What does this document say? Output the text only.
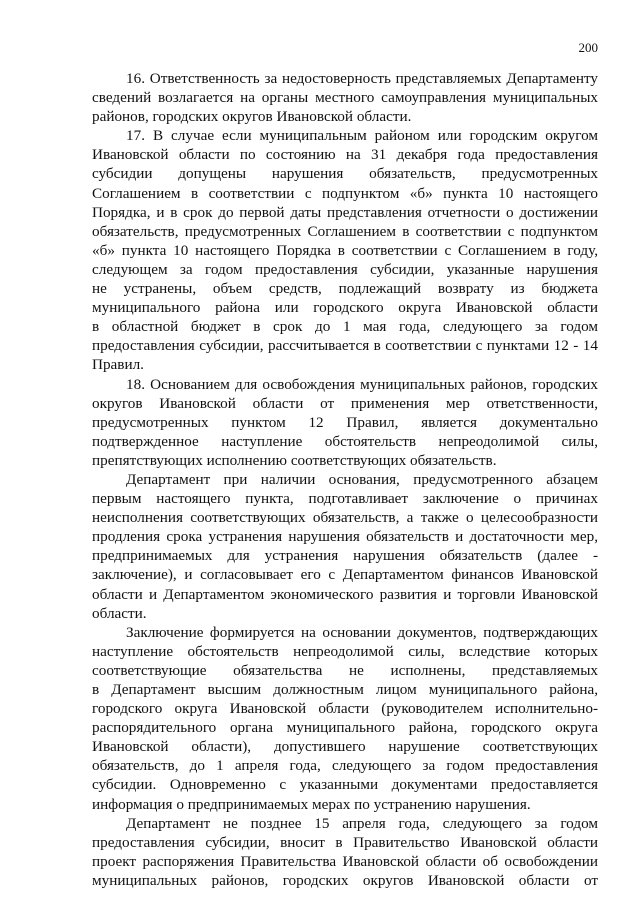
200
16. Ответственность за недостоверность представляемых Департаменту
сведений возлагается на органы местного самоуправления муниципальных
районов, городских округов Ивановской области.
17. В случае если муниципальным районом или городским округом
Ивановской области по состоянию на 31 декабря года предоставления
субсидии допущены нарушения обязательств, предусмотренных
Соглашением в соответствии с подпунктом «б» пункта 10 настоящего
Порядка, и в срок до первой даты представления отчетности о достижении
обязательств, предусмотренных Соглашением в соответствии с подпунктом
«б» пункта 10 настоящего Порядка в соответствии с Соглашением в году,
следующем за годом предоставления субсидии, указанные нарушения
не устранены, объем средств, подлежащий возврату из бюджета
муниципального района или городского округа Ивановской области
в областной бюджет в срок до 1 мая года, следующего за годом
предоставления субсидии, рассчитывается в соответствии с пунктами 12 - 14
Правил.
18. Основанием для освобождения муниципальных районов, городских
округов Ивановской области от применения мер ответственности,
предусмотренных пунктом 12 Правил, является документально
подтвержденное наступление обстоятельств непреодолимой силы,
препятствующих исполнению соответствующих обязательств.
Департамент при наличии основания, предусмотренного абзацем
первым настоящего пункта, подготавливает заключение о причинах
неисполнения соответствующих обязательств, а также о целесообразности
продления срока устранения нарушения обязательств и достаточности мер,
предпринимаемых для устранения нарушения обязательств (далее -
заключение), и согласовывает его с Департаментом финансов Ивановской
области и Департаментом экономического развития и торговли Ивановской
области.
Заключение формируется на основании документов, подтверждающих
наступление обстоятельств непреодолимой силы, вследствие которых
соответствующие обязательства не исполнены, представляемых
в Департамент высшим должностным лицом муниципального района,
городского округа Ивановской области (руководителем исполнительно-
распорядительного органа муниципального района, городского округа
Ивановской области), допустившего нарушение соответствующих
обязательств, до 1 апреля года, следующего за годом предоставления
субсидии. Одновременно с указанными документами предоставляется
информация о предпринимаемых мерах по устранению нарушения.
Департамент не позднее 15 апреля года, следующего за годом
предоставления субсидии, вносит в Правительство Ивановской области
проект распоряжения Правительства Ивановской области об освобождении
муниципальных районов, городских округов Ивановской области от
